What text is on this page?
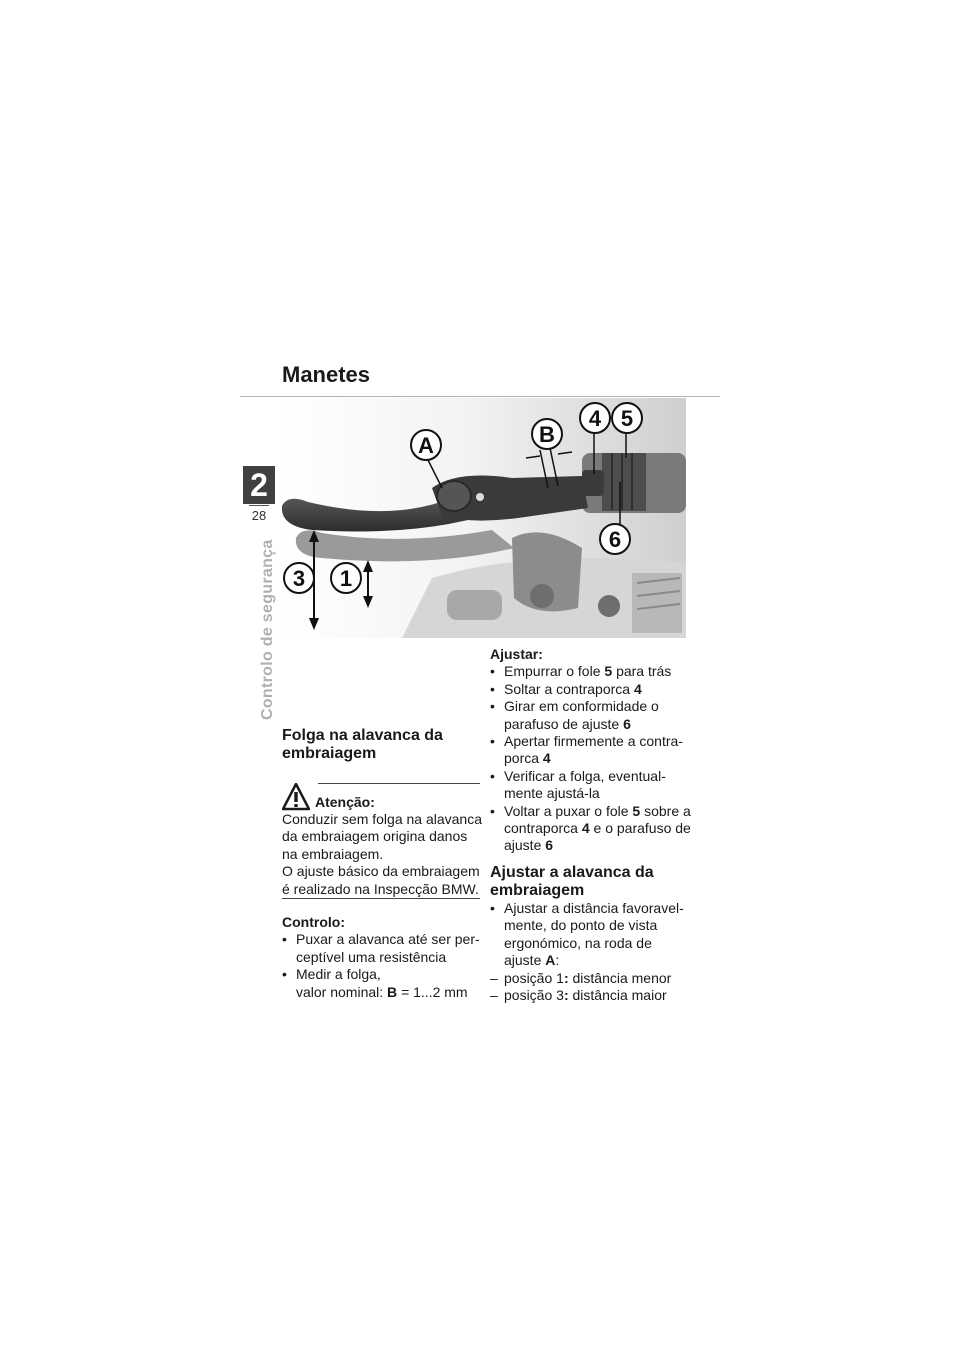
Manetes
2
28
Controlo de segurança
A	B
4 5
6
3 1

Folga na alavanca da embraiagem

Atenção:

Conduzir sem folga na alavanca

da embraiagem origina danos

na embraiagem.

O ajuste básico da embraiagem

é realizado na Inspecção BMW.

Controlo:

• Puxar a alavanca até ser per-

ceptível uma resistência

• Medir a folga,

valor nominal: B = 1...2 mm

Ajustar:

• Empurrar o fole 5 para trás

• Soltar a contraporca 4

• Girar em conformidade o

parafuso de ajuste 6

• Apertar firmemente a contra-

porca 4

• Verificar a folga, eventual-

mente ajustá-la

• Voltar a puxar o fole 5 sobre a

contraporca 4 e o parafuso de

ajuste 6

Ajustar a alavanca da embraiagem

• Ajustar a distância favoravel-

mente, do ponto de vista

ergonómico, na roda de

ajuste A:

– posição 1: distância menor

– posição 3: distância maior
